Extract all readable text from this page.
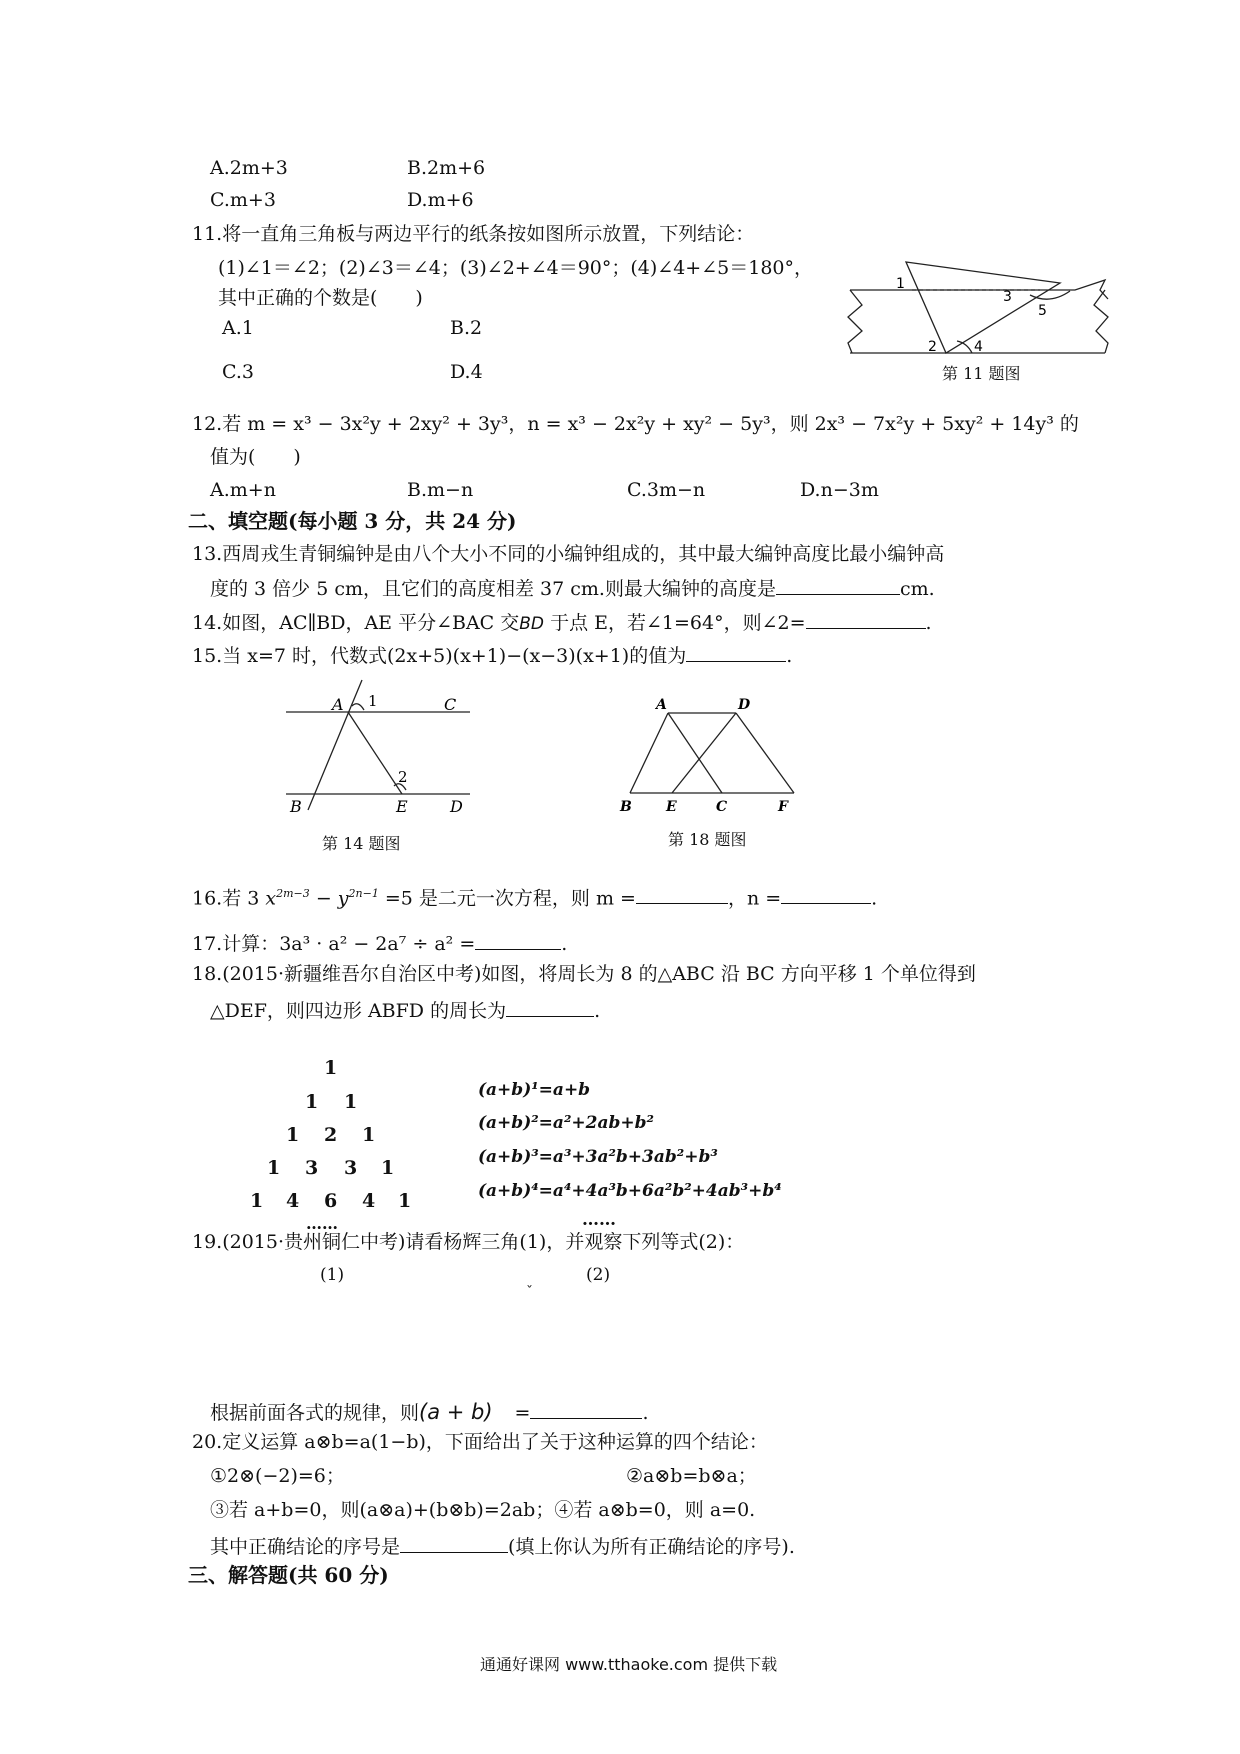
A.2m+3	B.2m+6
C.m+3	D.m+6
11.将一直角三角板与两边平行的纸条按如图所示放置，下列结论：
(1)∠1＝∠2；(2)∠3＝∠4；(3)∠2+∠4＝90°；(4)∠4+∠5＝180°，
其中正确的个数是(　　)
A.1	B.2
C.3	D.4
1
2
3
4
5
第 11 题图
12.若 m = x³ − 3x²y + 2xy² + 3y³，n = x³ − 2x²y + xy² − 5y³，则 2x³ − 7x²y + 5xy² + 14y³ 的
值为(　　)
A.m+n	B.m−n	C.3m−n	D.n−3m
二、填空题(每小题 3 分，共 24 分)
13.西周戎生青铜编钟是由八个大小不同的小编钟组成的，其中最大编钟高度比最小编钟高
度的 3 倍少 5 cm，且它们的高度相差 37 cm.则最大编钟的高度是	cm.
14.如图，AC∥BD，AE 平分∠BAC 交BD 于点 E，若∠1=64°，则∠2=	.
15.当 x=7 时，代数式(2x+5)(x+1)−(x−3)(x+1)的值为	.
A 1	C
2
B	E	D
第 14 题图
A	D
B E	C	F
第 18 题图
16.若 3 $x^{2m-3} - y^{2n-1} =5$ 是二元一次方程，则 m =	，n =	.
17.计算：3a³ · a² − 2a⁷ ÷ a² =	.
18.(2015·新疆维吾尔自治区中考)如图，将周长为 8 的△ABC 沿 BC 方向平移 1 个单位得到
△DEF，则四边形 ABFD 的周长为	.
1
1 1
1 2 1
1 3 3 1
1 4 6 4 1
……
(a+b)¹=a+b
(a+b)²=a²+2ab+b²
(a+b)³=a³+3a²b+3ab²+b³
(a+b)⁴=a⁴+4a³b+6a²b²+4ab³+b⁴
……
19.(2015·贵州铜仁中考)请看杨辉三角(1)，并观察下列等式(2)：
(1)	(2)
ˇ
根据前面各式的规律，则(a + b) =	.
20.定义运算 a⊗b=a(1−b)，下面给出了关于这种运算的四个结论：
①2⊗(−2)=6；	②a⊗b=b⊗a；
③若 a+b=0，则(a⊗a)+(b⊗b)=2ab；④若 a⊗b=0，则 a=0.
其中正确结论的序号是	(填上你认为所有正确结论的序号).
三、解答题(共 60 分)
通通好课网 www.tthaoke.com 提供下载
